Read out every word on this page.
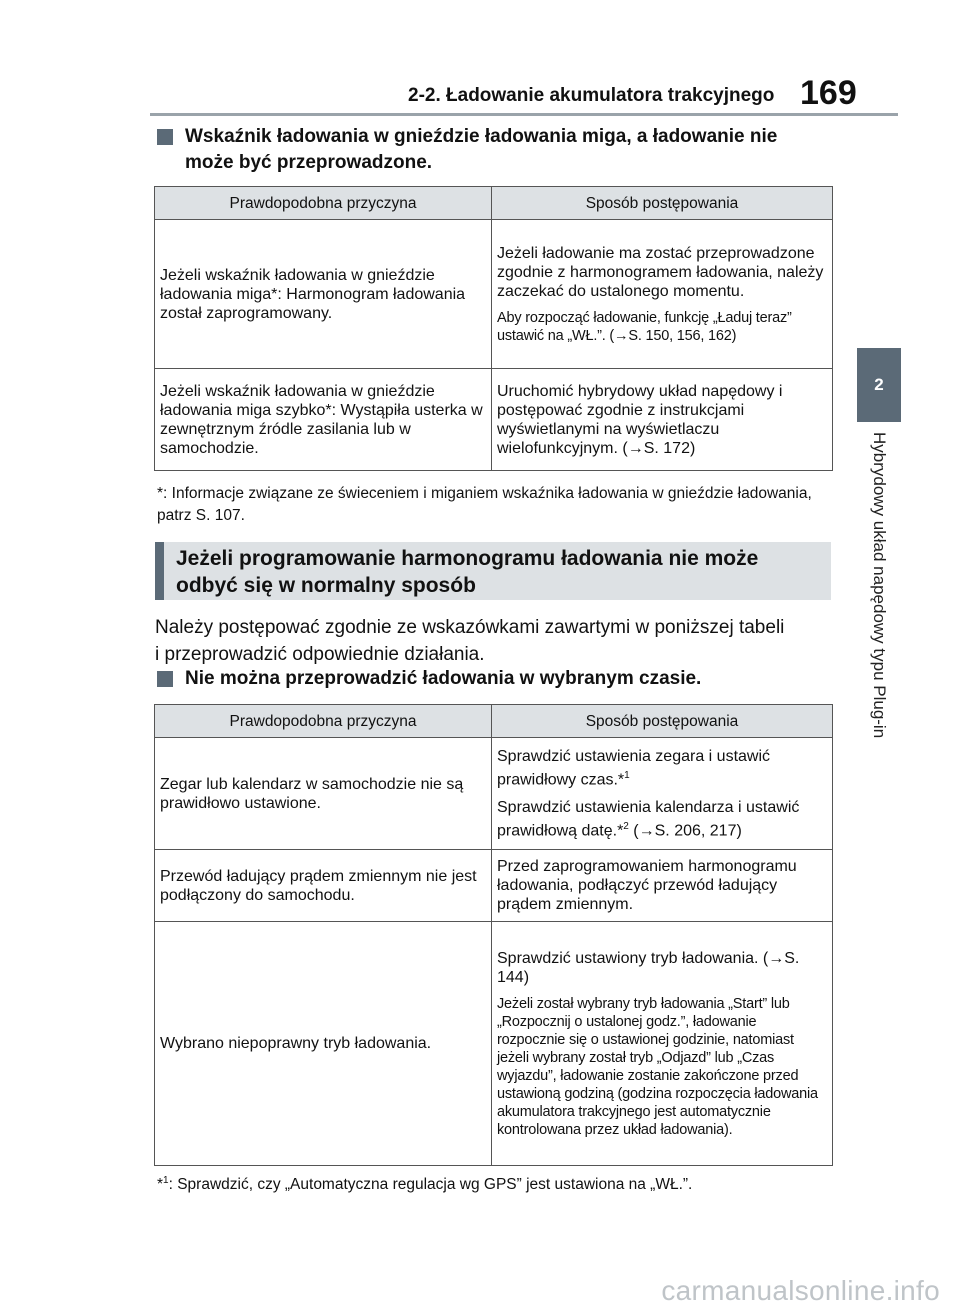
2-2. Ładowanie akumulatora trakcyjnego 169
2
Hybrydowy układ napędowy typu Plug-in
Wskaźnik ładowania w gnieździe ładowania miga, a ładowanie nie
może być przeprowadzone.
Prawdopodobna przyczyna	Sposób postępowania
Jeżeli wskaźnik ładowania w gnieździe ładowania miga*: Harmonogram ładowania został zaprogramowany.	Jeżeli ładowanie ma zostać przeprowadzone zgodnie z harmonogramem ładowania, należy zaczekać do ustalonego momentu.

Aby rozpocząć ładowanie, funkcję „Ładuj teraz” ustawić na „WŁ.”. (→S. 150, 156, 162)

Jeżeli wskaźnik ładowania w gnieździe ładowania miga szybko*: Wystąpiła usterka w zewnętrznym źródle zasilania lub w samochodzie.	Uruchomić hybrydowy układ napędowy i postępować zgodnie z instrukcjami wyświetlanymi na wyświetlaczu wielofunkcyjnym. (→S. 172)
*: Informacje związane ze świeceniem i miganiem wskaźnika ładowania w gnieździe ładowania, patrz S. 107.
Jeżeli programowanie harmonogramu ładowania nie może
odbyć się w normalny sposób
Należy postępować zgodnie ze wskazówkami zawartymi w poniższej tabeli
i przeprowadzić odpowiednie działania.
Nie można przeprowadzić ładowania w wybranym czasie.
Prawdopodobna przyczyna	Sposób postępowania
Zegar lub kalendarz w samochodzie nie są prawidłowo ustawione.	Sprawdzić ustawienia zegara i ustawić prawidłowy czas.*$^1$

Sprawdzić ustawienia kalendarza i ustawić prawidłową datę.*$^2$ (→S. 206, 217)

Przewód ładujący prądem zmiennym nie jest podłączony do samochodu.	Przed zaprogramowaniem harmonogramu ładowania, podłączyć przewód ładujący prądem zmiennym.
Wybrano niepoprawny tryb ładowania.	Sprawdzić ustawiony tryb ładowania. (→S. 144)

Jeżeli został wybrany tryb ładowania „Start” lub „Rozpocznij o ustalonej godz.”, ładowanie rozpocznie się o ustawionej godzinie, natomiast jeżeli wybrany został tryb „Odjazd” lub „Czas wyjazdu”, ładowanie zostanie zakończone przed ustawioną godziną (godzina rozpoczęcia ładowania akumulatora trakcyjnego jest automatycznie kontrolowana przez układ ładowania).

*$^1$: Sprawdzić, czy „Automatyczna regulacja wg GPS” jest ustawiona na „WŁ.”.
carmanualsonline.info
